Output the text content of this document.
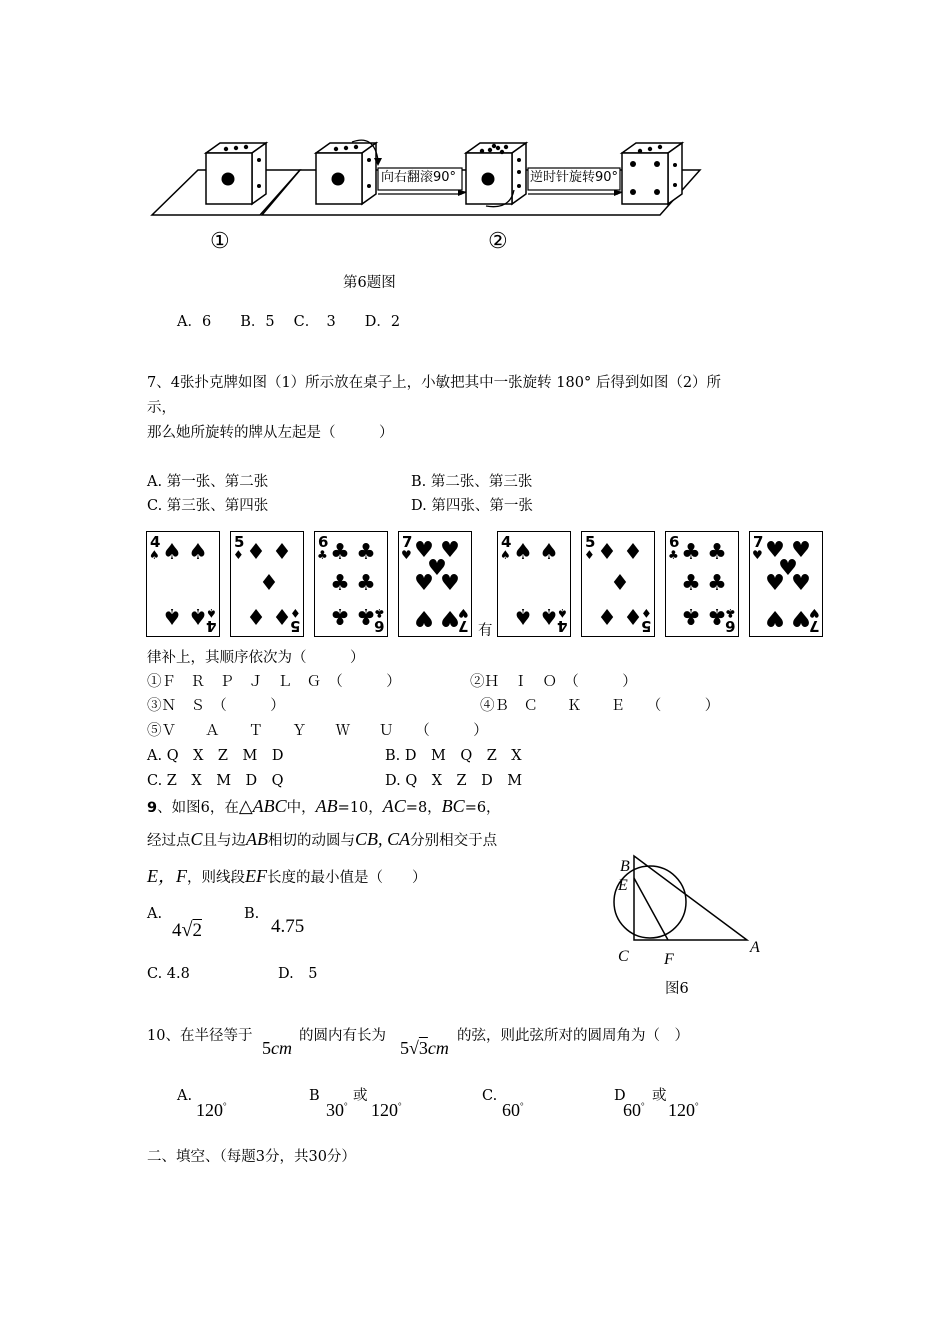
向右翻滚90°	逆时针旋转90°
①	②
第6题图
A．6　　B．5　 C．　3　　D．2
7、4张扑克牌如图（1）所示放在桌子上，小敏把其中一张旋转 180° 后得到如图（2）所
示，
那么她所旋转的牌从左起是（　　　）
A. 第一张、第二张	B. 第二张、第三张
C. 第三张、第四张	D. 第四张、第一张
4
♠
4
♠
♠ ♠
♠ ♠
5
♦
5
♦
♦ ♦
♦
♦ ♦
6
♣
6
♣
♣ ♣
♣ ♣
♣ ♣
7
♥
7
♥
♥ ♥
♥
♥ ♥
♥ ♥
4
♠
4
♠
♠ ♠
♠ ♠
5
♦
5
♦
♦ ♦
♦
♦ ♦
6
♣
6
♣
♣ ♣
♣ ♣
♣ ♣
7
♥
7
♥
♥ ♥
♥
♥ ♥
♥ ♥
有
律补上，其顺序依次为（　　　）
①Ｆ　Ｒ　Ｐ　Ｊ　Ｌ　Ｇ　（　　　）	②Ｈ　Ｉ　Ｏ　（　　　）
③Ｎ　Ｓ　（　　　）	④Ｂ　Ｃ　　Ｋ　　Ｅ　　（　　　）
⑤Ｖ　　Ａ　　Ｔ　　Ｙ　　Ｗ　　Ｕ　　（　　　）
A. Q　X　Z　M　D	B. D　M　Q　Z　X
C. Z　X　M　D　Q	D. Q　X　Z　D　M
9、如图6，在△ABC中，AB=10，AC=8，BC=6，
经过点C且与边AB相切的动圆与CB, CA分别相交于点
E，F，则线段EF长度的最小值是（　　）
A.
4√2
B.
4.75
C. 4.8	D.　5
B
E
C F
A
图6
10、在半径等于
5cm
的圆内有长为
5√3cm
的弦，则此弦所对的圆周角为（　）
A.
120°
B 或
30° 120°
C.
60°
D 或
60° 120°
二、填空、（每题3分，共30分）
